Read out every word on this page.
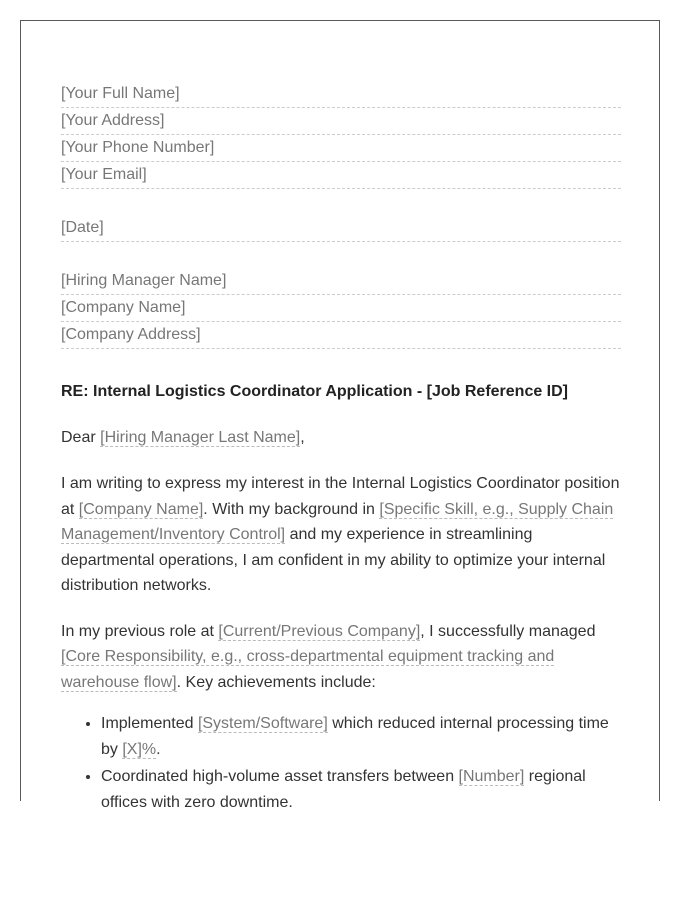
[Your Full Name]
[Your Address]
[Your Phone Number]
[Your Email]
[Date]
[Hiring Manager Name]
[Company Name]
[Company Address]
RE: Internal Logistics Coordinator Application - [Job Reference ID]
Dear [Hiring Manager Last Name],
I am writing to express my interest in the Internal Logistics Coordinator position at [Company Name]. With my background in [Specific Skill, e.g., Supply Chain Management/Inventory Control] and my experience in streamlining departmental operations, I am confident in my ability to optimize your internal distribution networks.
In my previous role at [Current/Previous Company], I successfully managed [Core Responsibility, e.g., cross-departmental equipment tracking and warehouse flow]. Key achievements include:
• Implemented [System/Software] which reduced internal processing time by [X]%.
• Coordinated high-volume asset transfers between [Number] regional offices with zero downtime.
